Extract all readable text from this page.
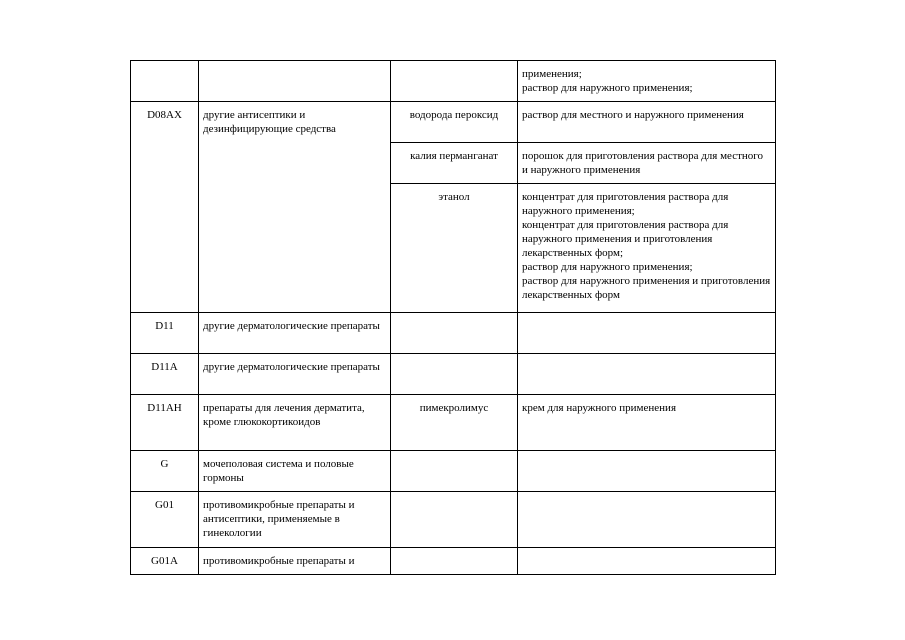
			применения;
раствор для наружного применения;

D08AX	другие антисептики и дезинфицирующие средства	водорода пероксид	раствор для местного и наружного применения

		калия перманганат	порошок для приготовления раствора для местного и наружного применения

		этанол	концентрат для приготовления раствора для наружного применения;
концентрат для приготовления раствора для наружного применения и приготовления лекарственных форм;
раствор для наружного применения;
раствор для наружного применения и приготовления лекарственных форм

D11	другие дерматологические препараты		
D11A	другие дерматологические препараты		
D11AH	препараты для лечения дерматита, кроме глюкокортикоидов	пимекролимус	крем для наружного применения

G	мочеполовая система и половые гормоны		
G01	противомикробные препараты и антисептики, применяемые в гинекологии		
G01A	противомикробные препараты и		
